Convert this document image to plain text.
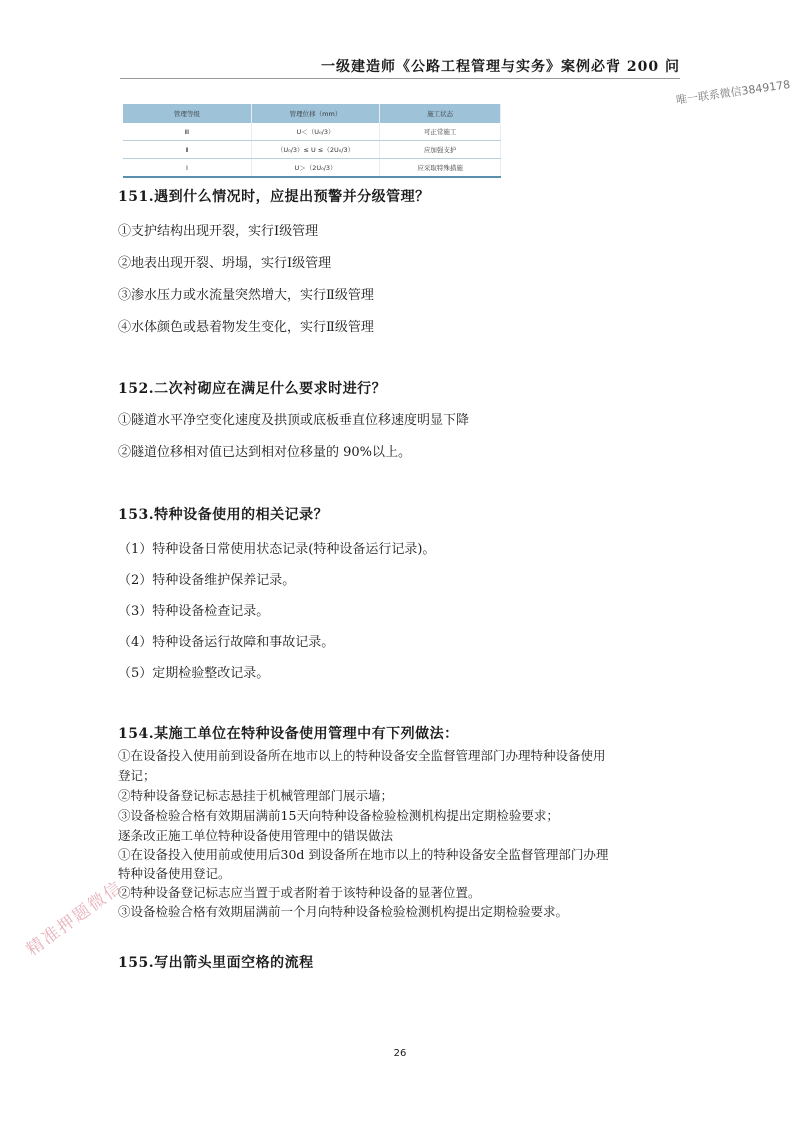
一级建造师《公路工程管理与实务》案例必背 200 问
唯一联系微信3849178
管理等级	管理位移（mm）	施工状态
Ⅲ	U＜（U₀/3）	可正常施工
Ⅱ	（U₀/3）≤ U ≤（2U₀/3）	应加强支护
Ⅰ	U＞（2U₀/3）	应采取特殊措施
151.遇到什么情况时，应提出预警并分级管理？
①支护结构出现开裂，实行Ⅰ级管理
②地表出现开裂、坍塌，实行Ⅰ级管理
③渗水压力或水流量突然增大，实行Ⅱ级管理
④水体颜色或悬着物发生变化，实行Ⅱ级管理
152.二次衬砌应在满足什么要求时进行？
①隧道水平净空变化速度及拱顶或底板垂直位移速度明显下降
②隧道位移相对值已达到相对位移量的 90%以上。
153.特种设备使用的相关记录？
（1）特种设备日常使用状态记录(特种设备运行记录)。
（2）特种设备维护保养记录。
（3）特种设备检查记录。
（4）特种设备运行故障和事故记录。
（5）定期检验整改记录。
154.某施工单位在特种设备使用管理中有下列做法：
①在设备投入使用前到设备所在地市以上的特种设备安全监督管理部门办理特种设备使用
登记；
②特种设备登记标志悬挂于机械管理部门展示墙；
③设备检验合格有效期届满前15天向特种设备检验检测机构提出定期检验要求；
逐条改正施工单位特种设备使用管理中的错误做法
①在设备投入使用前或使用后30d 到设备所在地市以上的特种设备安全监督管理部门办理
特种设备使用登记。
②特种设备登记标志应当置于或者附着于该特种设备的显著位置。
③设备检验合格有效期届满前一个月向特种设备检验检测机构提出定期检验要求。
155.写出箭头里面空格的流程
精准押题微信
26
